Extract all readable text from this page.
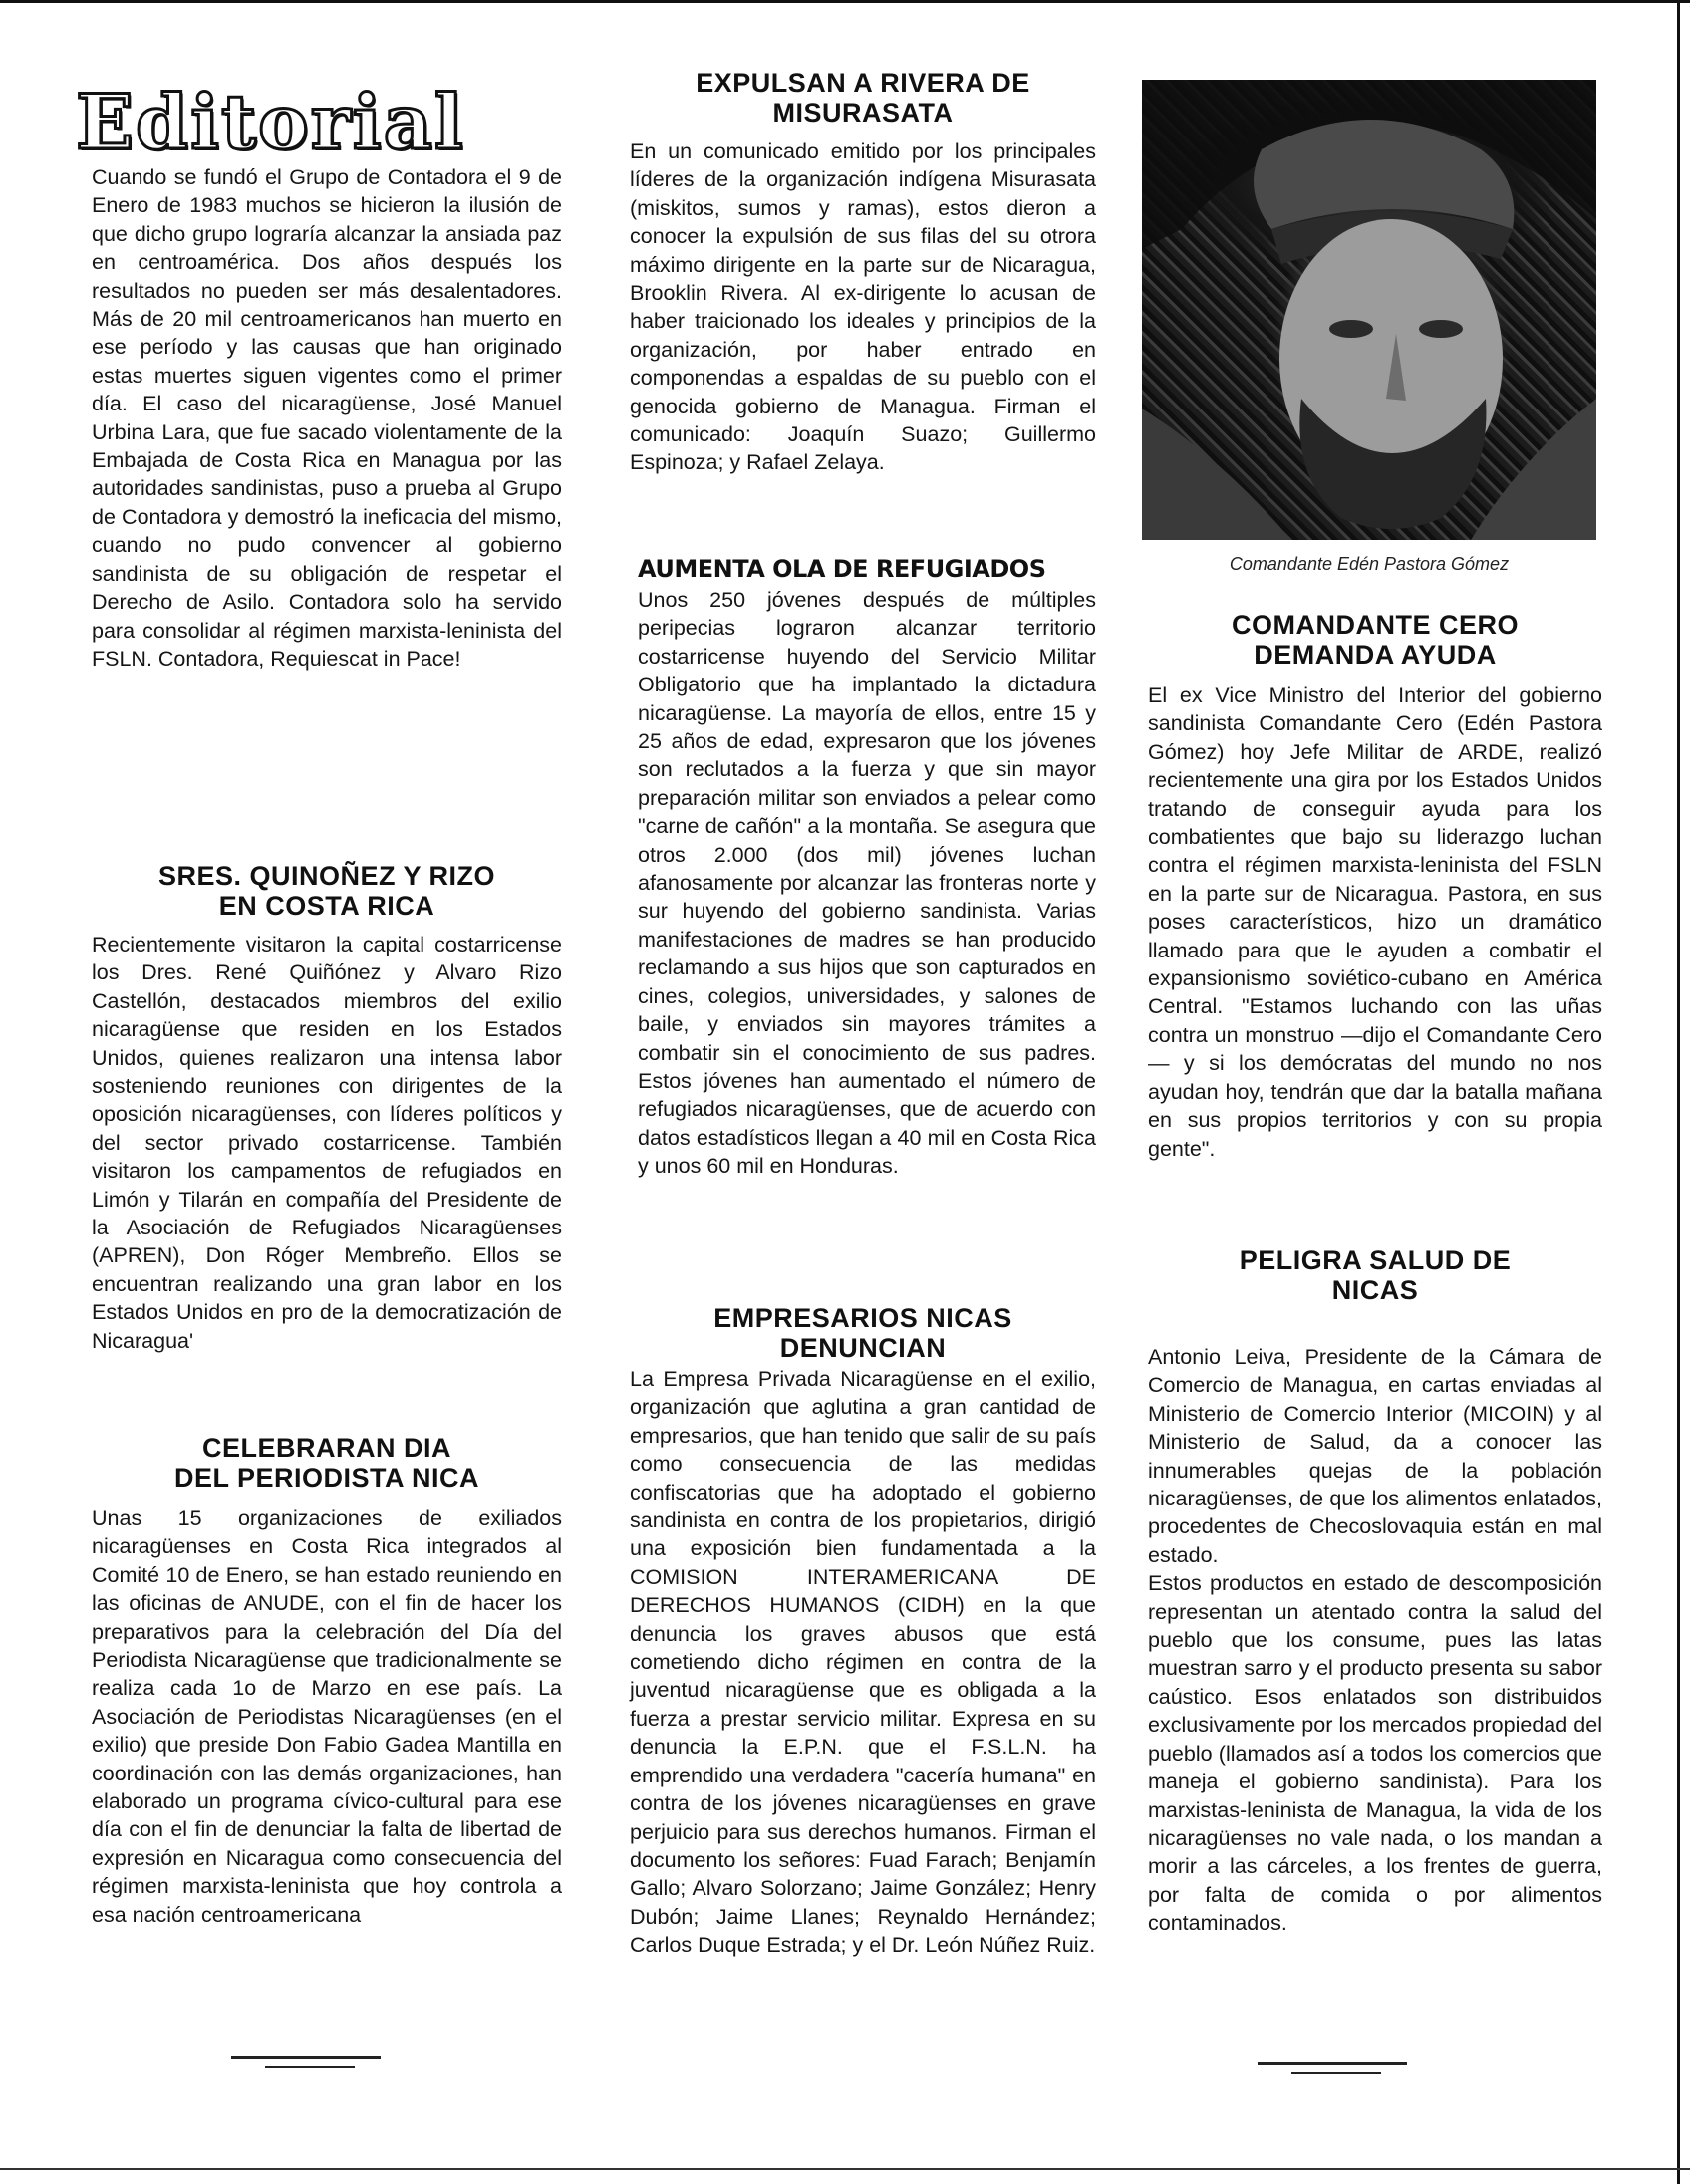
Editorial

Cuando se fundó el Grupo de Contadora el 9 de Enero de 1983 muchos se hicieron la ilusión de que dicho grupo lograría alcanzar la ansiada paz en centroamérica. Dos años después los resultados no pueden ser más desalentadores. Más de 20 mil centroamericanos han muerto en ese período y las causas que han originado estas muertes siguen vigentes como el primer día. El caso del nicaragüense, José Manuel Urbina Lara, que fue sacado violentamente de la Embajada de Costa Rica en Managua por las autoridades sandinistas, puso a prueba al Grupo de Contadora y demostró la ineficacia del mismo, cuando no pudo convencer al gobierno sandinista de su obligación de respetar el Derecho de Asilo. Contadora solo ha servido para consolidar al régimen marxista-leninista del FSLN. Contadora, Requiescat in Pace!

SRES. QUINOÑEZ Y RIZO

EN COSTA RICA

Recientemente visitaron la capital costarricense los Dres. René Quiñónez y Alvaro Rizo Castellón, destacados miembros del exilio nicaragüense que residen en los Estados Unidos, quienes realizaron una intensa labor sosteniendo reuniones con dirigentes de la oposición nicaragüenses, con líderes políticos y del sector privado costarricense. También visitaron los campamentos de refugiados en Limón y Tilarán en compañía del Presidente de la Asociación de Refugiados Nicaragüenses (APREN), Don Róger Membreño. Ellos se encuentran realizando una gran labor en los Estados Unidos en pro de la democratización de Nicaragua'

CELEBRARAN DIA

DEL PERIODISTA NICA

Unas 15 organizaciones de exiliados nicaragüenses en Costa Rica integrados al Comité 10 de Enero, se han estado reuniendo en las oficinas de ANUDE, con el fin de hacer los preparativos para la celebración del Día del Periodista Nicaragüense que tradicionalmente se realiza cada 1o de Marzo en ese país. La Asociación de Periodistas Nicaragüenses (en el exilio) que preside Don Fabio Gadea Mantilla en coordinación con las demás organizaciones, han elaborado un programa cívico-cultural para ese día con el fin de denunciar la falta de libertad de expresión en Nicaragua como consecuencia del régimen marxista-leninista que hoy controla a esa nación centroamericana

EXPULSAN A RIVERA DE

MISURASATA

En un comunicado emitido por los principales líderes de la organización indígena Misurasata (miskitos, sumos y ramas), estos dieron a conocer la expulsión de sus filas del su otrora máximo dirigente en la parte sur de Nicaragua, Brooklin Rivera. Al ex-dirigente lo acusan de haber traicionado los ideales y principios de la organización, por haber entrado en componendas a espaldas de su pueblo con el genocida gobierno de Managua. Firman el comunicado: Joaquín Suazo; Guillermo Espinoza; y Rafael Zelaya.

AUMENTA OLA DE REFUGIADOS

Unos 250 jóvenes después de múltiples peripecias lograron alcanzar territorio costarricense huyendo del Servicio Militar Obligatorio que ha implantado la dictadura nicaragüense. La mayoría de ellos, entre 15 y 25 años de edad, expresaron que los jóvenes son reclutados a la fuerza y que sin mayor preparación militar son enviados a pelear como "carne de cañón" a la montaña. Se asegura que otros 2.000 (dos mil) jóvenes luchan afanosamente por alcanzar las fronteras norte y sur huyendo del gobierno sandinista. Varias manifestaciones de madres se han producido reclamando a sus hijos que son capturados en cines, colegios, universidades, y salones de baile, y enviados sin mayores trámites a combatir sin el conocimiento de sus padres. Estos jóvenes han aumentado el número de refugiados nicaragüenses, que de acuerdo con datos estadísticos llegan a 40 mil en Costa Rica y unos 60 mil en Honduras.

EMPRESARIOS NICAS

DENUNCIAN

La Empresa Privada Nicaragüense en el exilio, organización que aglutina a gran cantidad de empresarios, que han tenido que salir de su país como consecuencia de las medidas confiscatorias que ha adoptado el gobierno sandinista en contra de los propietarios, dirigió una exposición bien fundamentada a la COMISION INTERAMERICANA DE DERECHOS HUMANOS (CIDH) en la que denuncia los graves abusos que está cometiendo dicho régimen en contra de la juventud nicaragüense que es obligada a la fuerza a prestar servicio militar. Expresa en su denuncia la E.P.N. que el F.S.L.N. ha emprendido una verdadera "cacería humana" en contra de los jóvenes nicaragüenses en grave perjuicio para sus derechos humanos. Firman el documento los señores: Fuad Farach; Benjamín Gallo; Alvaro Solorzano; Jaime González; Henry Dubón; Jaime Llanes; Reynaldo Hernández; Carlos Duque Estrada; y el Dr. León Núñez Ruiz.

Comandante Edén Pastora Gómez

COMANDANTE CERO

DEMANDA AYUDA

El ex Vice Ministro del Interior del gobierno sandinista Comandante Cero (Edén Pastora Gómez) hoy Jefe Militar de ARDE, realizó recientemente una gira por los Estados Unidos tratando de conseguir ayuda para los combatientes que bajo su liderazgo luchan contra el régimen marxista-leninista del FSLN en la parte sur de Nicaragua. Pastora, en sus poses característicos, hizo un dramático llamado para que le ayuden a combatir el expansionismo soviético-cubano en América Central. "Estamos luchando con las uñas contra un monstruo —dijo el Comandante Cero— y si los demócratas del mundo no nos ayudan hoy, tendrán que dar la batalla mañana en sus propios territorios y con su propia gente".

PELIGRA SALUD DE

NICAS

Antonio Leiva, Presidente de la Cámara de Comercio de Managua, en cartas enviadas al Ministerio de Comercio Interior (MICOIN) y al Ministerio de Salud, da a conocer las innumerables quejas de la población nicaragüenses, de que los alimentos enlatados, procedentes de Checoslovaquia están en mal estado.

Estos productos en estado de descomposición representan un atentado contra la salud del pueblo que los consume, pues las latas muestran sarro y el producto presenta su sabor caústico. Esos enlatados son distribuidos exclusivamente por los mercados propiedad del pueblo (llamados así a todos los comercios que maneja el gobierno sandinista). Para los marxistas-leninista de Managua, la vida de los nicaragüenses no vale nada, o los mandan a morir a las cárceles, a los frentes de guerra, por falta de comida o por alimentos contaminados.
